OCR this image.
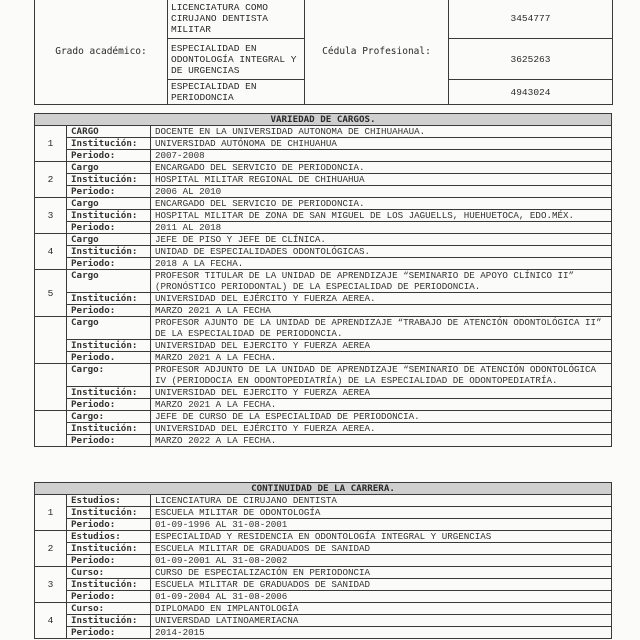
Grado académico:	LICENCIATURA COMO CIRUJANO DENTISTA MILITAR	Cédula Profesional:	3454777
	ESPECIALIDAD EN ODONTOLOGÍA INTEGRAL Y DE URGENCIAS		3625263
	ESPECIALIDAD EN PERIODONCIA		4943024
VARIEDAD DE CARGOS.		
1	CARGO	DOCENTE EN LA UNIVERSIDAD AUTONOMA DE CHIHUAHAUA.
	Institución:	UNIVERSIDAD AUTÓNOMA DE CHIHUAHUA
	Periodo:	2007-2008
2	Cargo	ENCARGADO DEL SERVICIO DE PERIODONCIA.
	Institución:	HOSPITAL MILITAR REGIONAL DE CHIHUAHUA
	Periodo:	2006 AL 2010
3	Cargo	ENCARGADO DEL SERVICIO DE PERIODONCIA.
	Institución:	HOSPITAL MILITAR DE ZONA DE SAN MIGUEL DE LOS JAGUELLS, HUEHUETOCA, EDO.MÉX.
	Periodo:	2011 AL 2018
4	Cargo	JEFE DE PISO Y JEFE DE CLÍNICA.
	Institución:	UNIDAD DE ESPECIALIDADES ODONTOLÓGICAS.
	Periodo:	2018 A LA FECHA.
5	Cargo	PROFESOR TITULAR DE LA UNIDAD DE APRENDIZAJE “SEMINARIO DE APOYO CLÍNICO II” (PRONÓSTICO PERIODONTAL) DE LA ESPECIALIDAD DE PERIODONCIA.
	Institución:	UNIVERSIDAD DEL EJÉRCITO Y FUERZA AEREA.
	Periodo:	MARZO 2021 A LA FECHA
	Cargo	PROFESOR AJUNTO DE LA UNIDAD DE APRENDIZAJE “TRABAJO DE ATENCIÓN ODONTOLÓGICA II” DE LA ESPECIALIDAD DE PERIODONCIA.
	Institución:	UNIVERSIDAD DEL EJERCITO Y FUERZA AEREA
	Periodo.	MARZO 2021 A LA FECHA.
	Cargo:	PROFESOR ADJUNTO DE LA UNIDAD DE APRENDIZAJE “SEMINARIO DE ATENCIÓN ODONTOLÓGICA IV (PERIODOCIA EN ODONTOPEDIATRÍA) DE LA ESPECIALIDAD DE ODONTOPEDIATRÍA.
	Institución:	UNIVERSIDAD DEL EJERCITO Y FUERZA AEREA
	Periodo:	MARZO 2021 A LA FECHA.
	Cargo:	JEFE DE CURSO DE LA ESPECIALIDAD DE PERIODONCIA.
	Institución:	UNIVERSIDAD DEL EJÉRCITO Y FUERZA AEREA.
	Periodo:	MARZO 2022 A LA FECHA.
CONTINUIDAD DE LA CARRERA.		
1	Estudios:	LICENCIATURA DE CIRUJANO DENTISTA
	Institución:	ESCUELA MILITAR DE ODONTOLOGÍA
	Periodo:	01-09-1996 AL 31-08-2001
2	Estudios:	ESPECIALIDAD Y RESIDENCIA EN ODONTOLOGÍA INTEGRAL Y URGENCIAS
	Institución:	ESCUELA MILITAR DE GRADUADOS DE SANIDAD
	Periodo:	01-09-2001 AL 31-08-2002
3	Curso:	CURSO DE ESPECIALIZACIÓN EN PERIODONCIA
	Institución:	ESCUELA MILITAR DE GRADUADOS DE SANIDAD
	Periodo:	01-09-2004 AL 31-08-2006
4	Curso:	DIPLOMADO EN IMPLANTOLOGÍA
	Institución:	UNIVERSDAD LATINOAMERIACNA
	Periodo:	2014-2015
